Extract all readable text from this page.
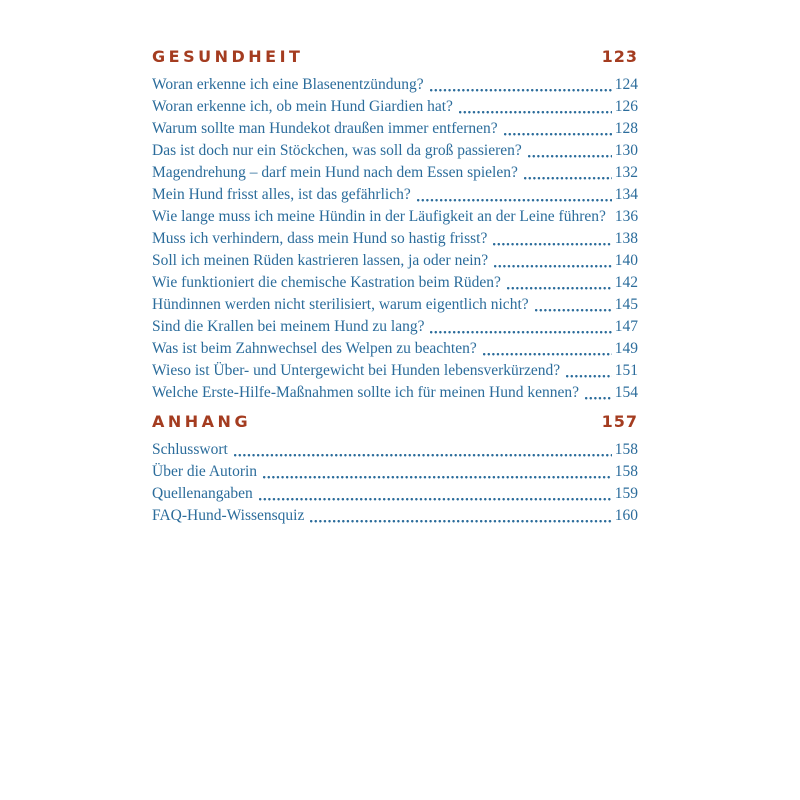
GESUNDHEIT	123
Woran erkenne ich eine Blasenentzündung?	124
Woran erkenne ich, ob mein Hund Giardien hat?	126
Warum sollte man Hundekot draußen immer entfernen?	128
Das ist doch nur ein Stöckchen, was soll da groß passieren?	130
Magendrehung – darf mein Hund nach dem Essen spielen?	132
Mein Hund frisst alles, ist das gefährlich?	134
Wie lange muss ich meine Hündin in der Läufigkeit an der Leine führen? 136
Muss ich verhindern, dass mein Hund so hastig frisst?	138
Soll ich meinen Rüden kastrieren lassen, ja oder nein?	140
Wie funktioniert die chemische Kastration beim Rüden?	142
Hündinnen werden nicht sterilisiert, warum eigentlich nicht?	145
Sind die Krallen bei meinem Hund zu lang?	147
Was ist beim Zahnwechsel des Welpen zu beachten?	149
Wieso ist Über- und Untergewicht bei Hunden lebensverkürzend?	151
Welche Erste-Hilfe-Maßnahmen sollte ich für meinen Hund kennen? 154
ANHANG	157
Schlusswort	158
Über die Autorin	158
Quellenangaben	159
FAQ-Hund-Wissensquiz	160
